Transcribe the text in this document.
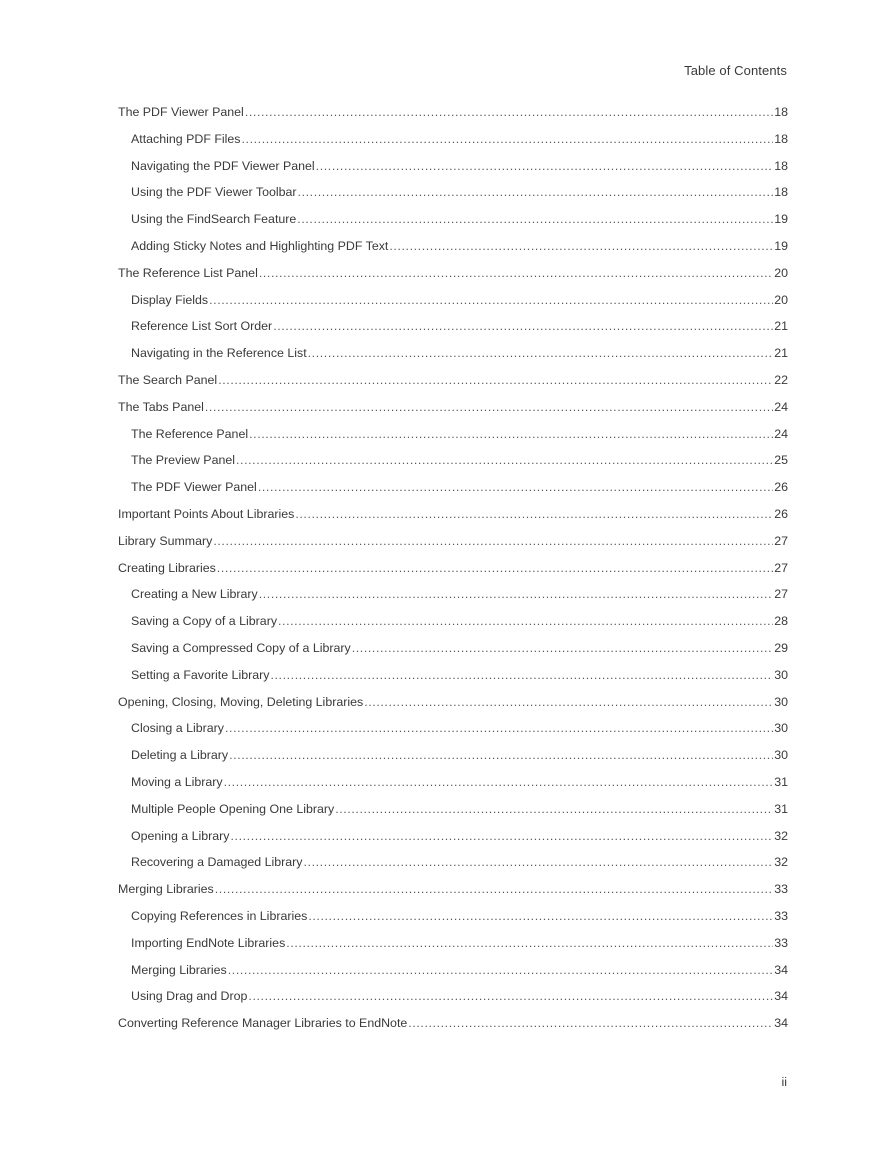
Table of Contents
The PDF Viewer Panel .....	18
Attaching PDF Files .....	18
Navigating the PDF Viewer Panel .....	18
Using the PDF Viewer Toolbar .....	18
Using the FindSearch Feature .....	19
Adding Sticky Notes and Highlighting PDF Text .....	19
The Reference List Panel .....	20
Display Fields .....	20
Reference List Sort Order .....	21
Navigating in the Reference List .....	21
The Search Panel .....	22
The Tabs Panel .....	24
The Reference Panel .....	24
The Preview Panel .....	25
The PDF Viewer Panel .....	26
Important Points About Libraries .....	26
Library Summary .....	27
Creating Libraries .....	27
Creating a New Library .....	27
Saving a Copy of a Library .....	28
Saving a Compressed Copy of a Library .....	29
Setting a Favorite Library .....	30
Opening, Closing, Moving, Deleting Libraries .....	30
Closing a Library .....	30
Deleting a Library .....	30
Moving a Library .....	31
Multiple People Opening One Library .....	31
Opening a Library .....	32
Recovering a Damaged Library .....	32
Merging Libraries .....	33
Copying References in Libraries .....	33
Importing EndNote Libraries .....	33
Merging Libraries .....	34
Using Drag and Drop .....	34
Converting Reference Manager Libraries to EndNote .....	34
ii
